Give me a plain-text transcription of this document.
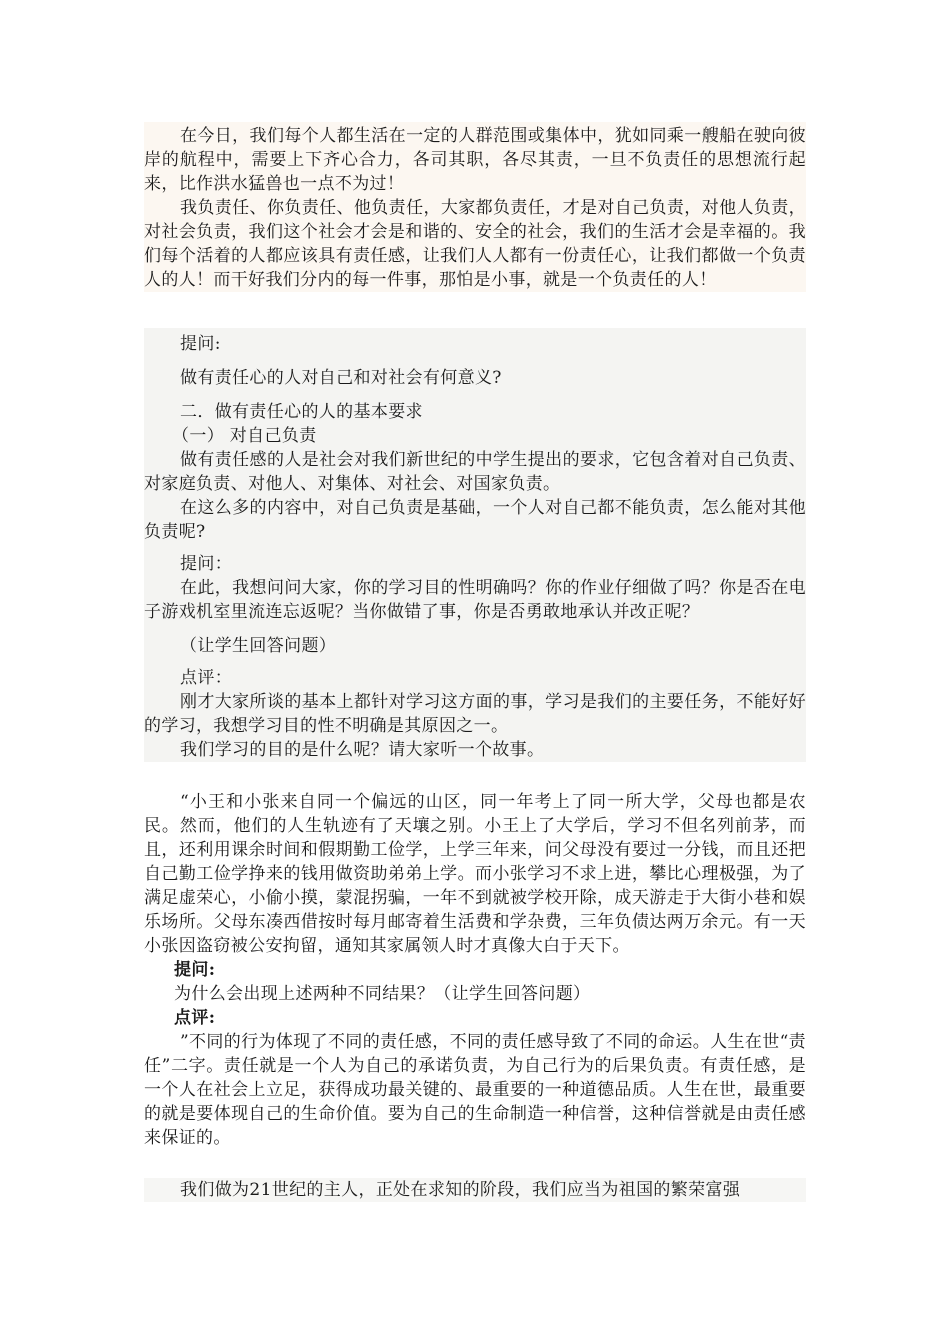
在今日，我们每个人都生活在一定的人群范围或集体中，犹如同乘一艘船在驶向彼岸的航程中，需要上下齐心合力，各司其职，各尽其责，一旦不负责任的思想流行起来，比作洪水猛兽也一点不为过！

我负责任、你负责任、他负责任，大家都负责任，才是对自己负责，对他人负责，对社会负责，我们这个社会才会是和谐的、安全的社会，我们的生活才会是幸福的。我们每个活着的人都应该具有责任感，让我们人人都有一份责任心，让我们都做一个负责人的人！而干好我们分内的每一件事，那怕是小事，就是一个负责任的人！

提问:

做有责任心的人对自己和对社会有何意义?

二．做有责任心的人的基本要求

（一） 对自己负责

做有责任感的人是社会对我们新世纪的中学生提出的要求，它包含着对自己负责、对家庭负责、对他人、对集体、对社会、对国家负责。

在这么多的内容中，对自己负责是基础，一个人对自己都不能负责，怎么能对其他负责呢?

提问：

在此，我想问问大家，你的学习目的性明确吗？你的作业仔细做了吗？你是否在电子游戏机室里流连忘返呢？当你做错了事，你是否勇敢地承认并改正呢？

（让学生回答问题）

点评：

刚才大家所谈的基本上都针对学习这方面的事，学习是我们的主要任务，不能好好的学习，我想学习目的性不明确是其原因之一。

我们学习的目的是什么呢？请大家听一个故事。

“小王和小张来自同一个偏远的山区，同一年考上了同一所大学，父母也都是农民。然而，他们的人生轨迹有了天壤之别。小王上了大学后，学习不但名列前茅，而且，还利用课余时间和假期勤工俭学，上学三年来，问父母没有要过一分钱，而且还把自己勤工俭学挣来的钱用做资助弟弟上学。而小张学习不求上进，攀比心理极强，为了满足虚荣心，小偷小摸，蒙混拐骗，一年不到就被学校开除，成天游走于大街小巷和娱乐场所。父母东凑西借按时每月邮寄着生活费和学杂费，三年负债达两万余元。有一天小张因盗窃被公安拘留，通知其家属领人时才真像大白于天下。

提问:

为什么会出现上述两种不同结果？（让学生回答问题）

点评:

”不同的行为体现了不同的责任感，不同的责任感导致了不同的命运。人生在世“责任”二字。责任就是一个人为自己的承诺负责，为自己行为的后果负责。有责任感，是一个人在社会上立足，获得成功最关键的、最重要的一种道德品质。人生在世，最重要的就是要体现自己的生命价值。要为自己的生命制造一种信誉，这种信誉就是由责任感来保证的。

我们做为21世纪的主人，正处在求知的阶段，我们应当为祖国的繁荣富强
